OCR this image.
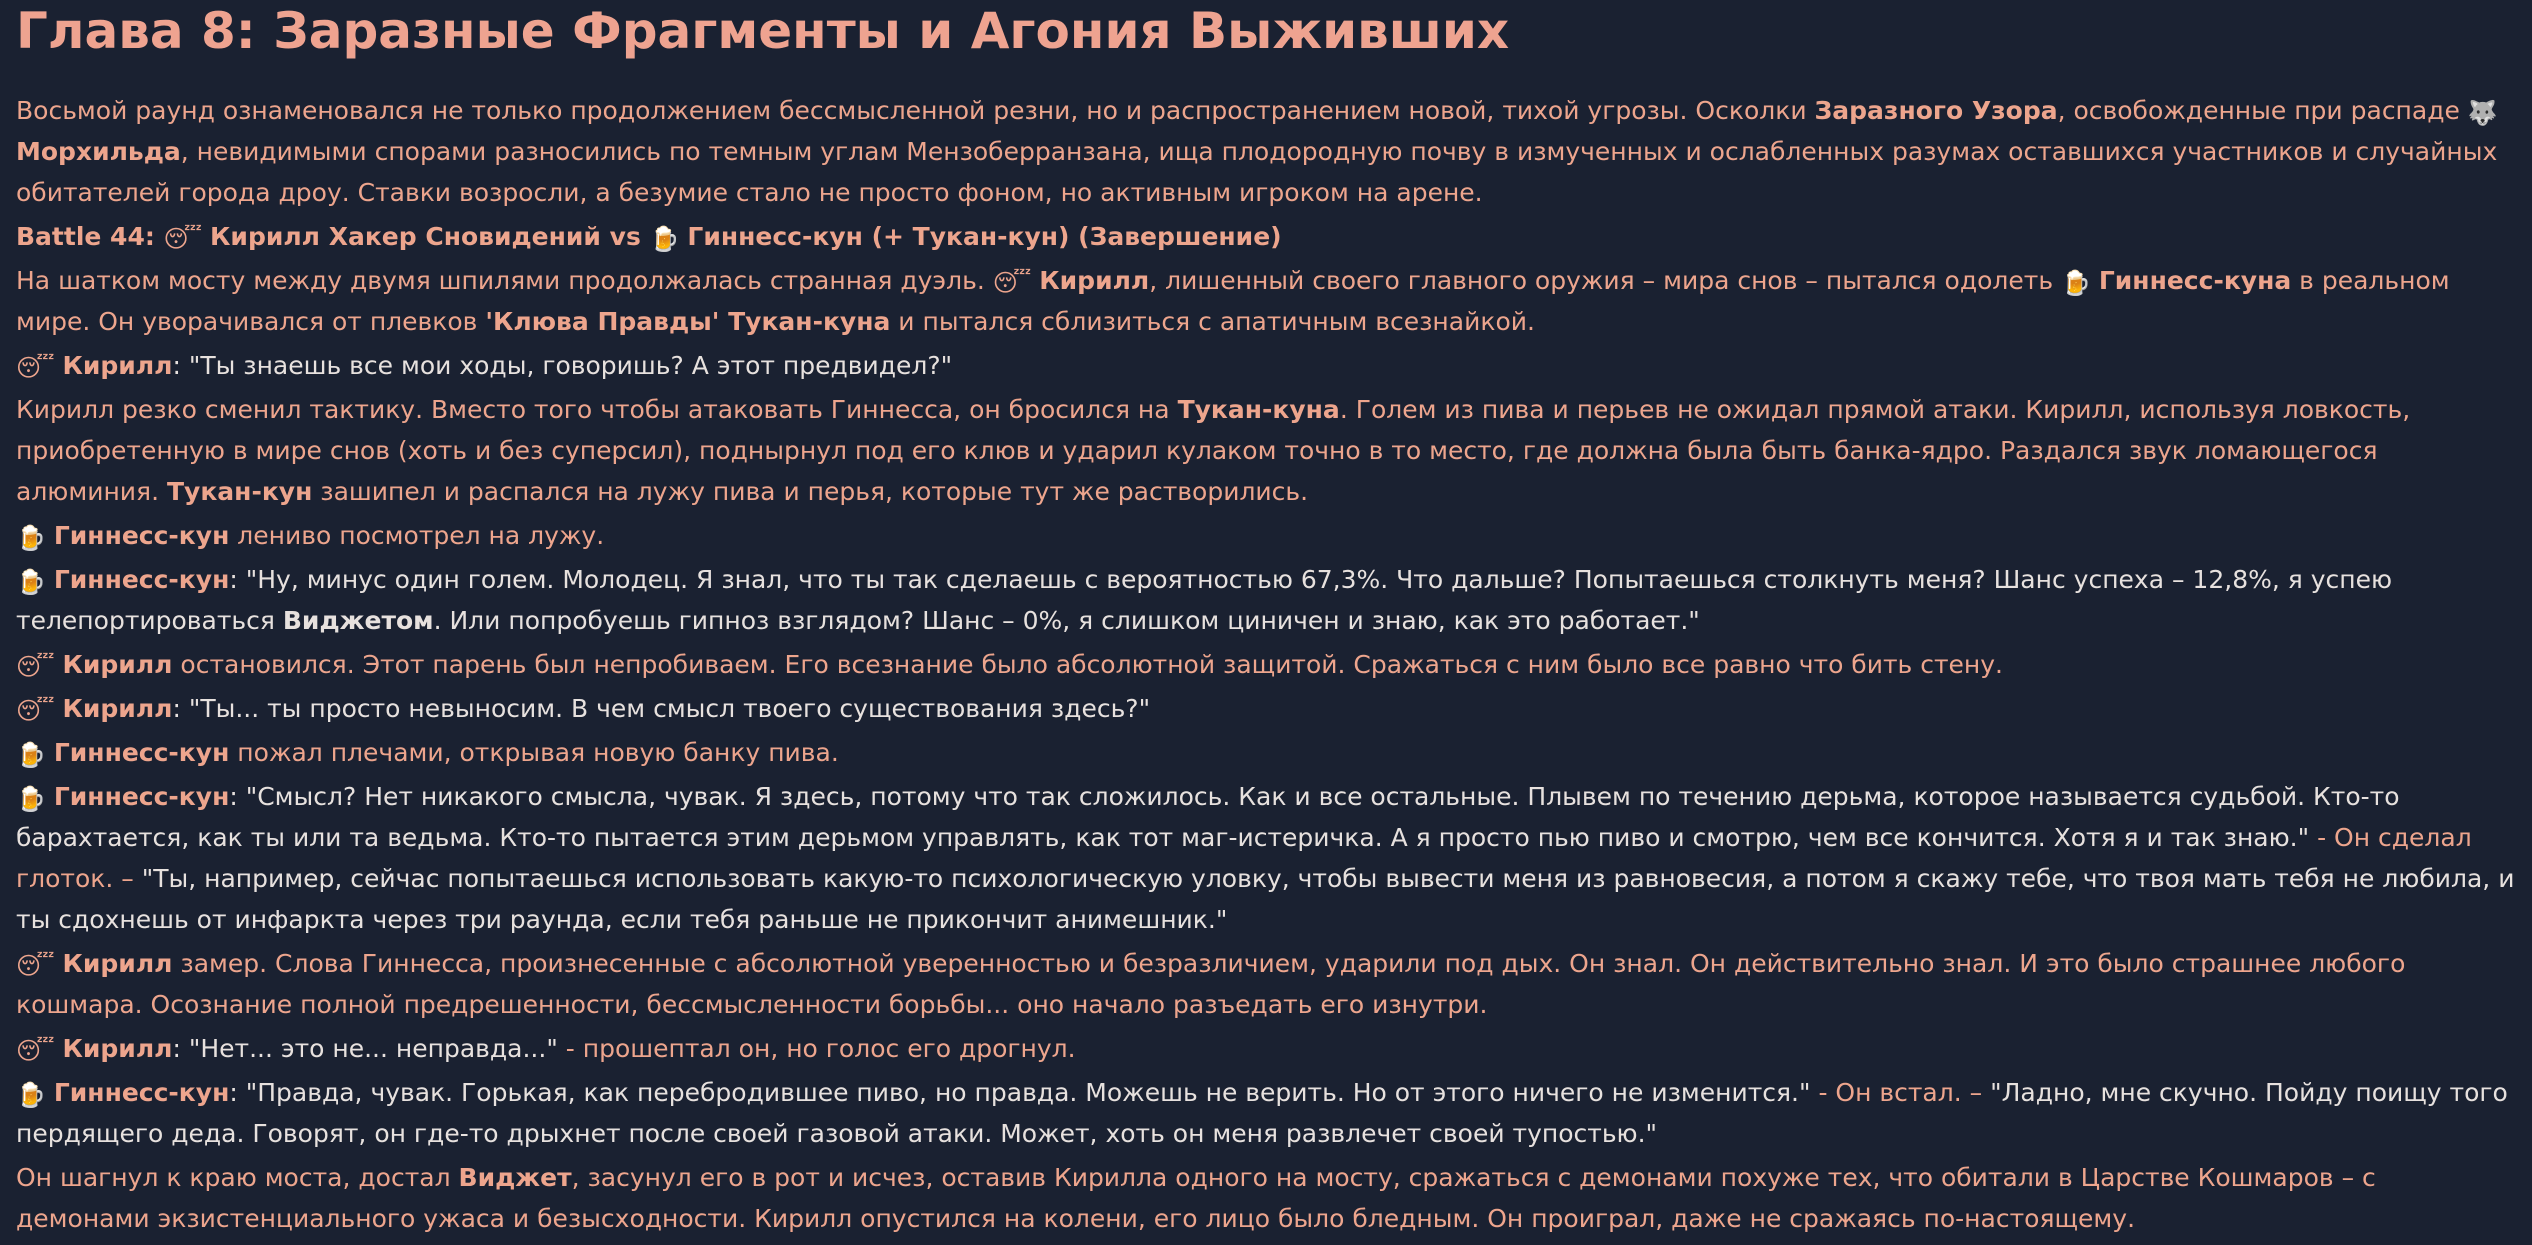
Глава 8: Заразные Фрагменты и Агония Выживших

Восьмой раунд ознаменовался не только продолжением бессмысленной резни, но и распространением новой, тихой угрозы. Осколки Заразного Узора, освобожденные при распаде 🐺 Морхильда, невидимыми спорами разносились по темным углам Мензоберранзана, ища плодородную почву в измученных и ослабленных разумах оставшихся участников и случайных обитателей города дроу. Ставки возросли, а безумие стало не просто фоном, но активным игроком на арене.

Battle 44: 😴 Кирилл Хакер Сновидений vs 🍺 Гиннесс-кун (+ Тукан-кун) (Завершение)

На шатком мосту между двумя шпилями продолжалась странная дуэль. 😴 Кирилл, лишенный своего главного оружия – мира снов – пытался одолеть 🍺 Гиннесс-куна в реальном мире. Он уворачивался от плевков 'Клюва Правды' Тукан-куна и пытался сблизиться с апатичным всезнайкой.

😴 Кирилл: "Ты знаешь все мои ходы, говоришь? А этот предвидел?"

Кирилл резко сменил тактику. Вместо того чтобы атаковать Гиннесса, он бросился на Тукан-куна. Голем из пива и перьев не ожидал прямой атаки. Кирилл, используя ловкость, приобретенную в мире снов (хоть и без суперсил), поднырнул под его клюв и ударил кулаком точно в то место, где должна была быть банка-ядро. Раздался звук ломающегося алюминия. Тукан-кун зашипел и распался на лужу пива и перья, которые тут же растворились.

🍺 Гиннесс-кун лениво посмотрел на лужу.

🍺 Гиннесс-кун: "Ну, минус один голем. Молодец. Я знал, что ты так сделаешь с вероятностью 67,3%. Что дальше? Попытаешься столкнуть меня? Шанс успеха – 12,8%, я успею телепортироваться Виджетом. Или попробуешь гипноз взглядом? Шанс – 0%, я слишком циничен и знаю, как это работает."

😴 Кирилл остановился. Этот парень был непробиваем. Его всезнание было абсолютной защитой. Сражаться с ним было все равно что бить стену.

😴 Кирилл: "Ты... ты просто невыносим. В чем смысл твоего существования здесь?"

🍺 Гиннесс-кун пожал плечами, открывая новую банку пива.

🍺 Гиннесс-кун: "Смысл? Нет никакого смысла, чувак. Я здесь, потому что так сложилось. Как и все остальные. Плывем по течению дерьма, которое называется судьбой. Кто-то барахтается, как ты или та ведьма. Кто-то пытается этим дерьмом управлять, как тот маг-истеричка. А я просто пью пиво и смотрю, чем все кончится. Хотя я и так знаю." - Он сделал глоток. – "Ты, например, сейчас попытаешься использовать какую-то психологическую уловку, чтобы вывести меня из равновесия, а потом я скажу тебе, что твоя мать тебя не любила, и ты сдохнешь от инфаркта через три раунда, если тебя раньше не прикончит анимешник."

😴 Кирилл замер. Слова Гиннесса, произнесенные с абсолютной уверенностью и безразличием, ударили под дых. Он знал. Он действительно знал. И это было страшнее любого кошмара. Осознание полной предрешенности, бессмысленности борьбы... оно начало разъедать его изнутри.

😴 Кирилл: "Нет... это не... неправда..." - прошептал он, но голос его дрогнул.

🍺 Гиннесс-кун: "Правда, чувак. Горькая, как перебродившее пиво, но правда. Можешь не верить. Но от этого ничего не изменится." - Он встал. – "Ладно, мне скучно. Пойду поищу того пердящего деда. Говорят, он где-то дрыхнет после своей газовой атаки. Может, хоть он меня развлечет своей тупостью."

Он шагнул к краю моста, достал Виджет, засунул его в рот и исчез, оставив Кирилла одного на мосту, сражаться с демонами похуже тех, что обитали в Царстве Кошмаров – с демонами экзистенциального ужаса и безысходности. Кирилл опустился на колени, его лицо было бледным. Он проиграл, даже не сражаясь по-настоящему.
